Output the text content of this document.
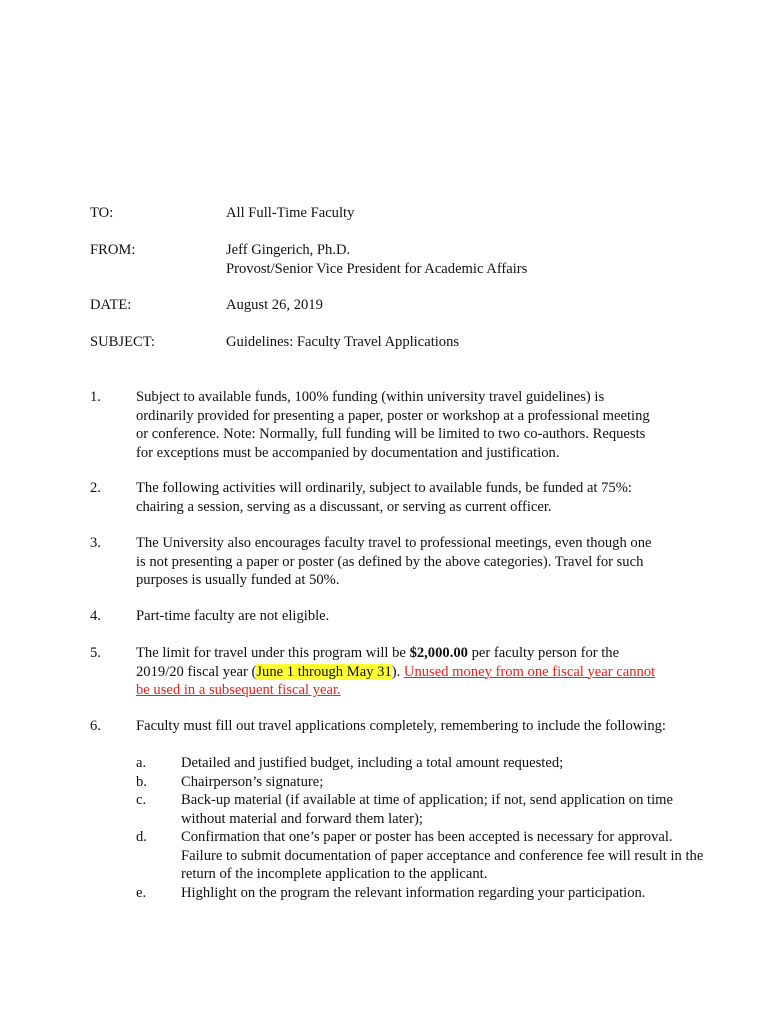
TO:	All Full-Time Faculty
FROM:	Jeff Gingerich, Ph.D.
Provost/Senior Vice President for Academic Affairs
DATE:	August 26, 2019
SUBJECT:	Guidelines: Faculty Travel Applications
1. Subject to available funds, 100% funding (within university travel guidelines) is
ordinarily provided for presenting a paper, poster or workshop at a professional meeting
or conference. Note: Normally, full funding will be limited to two co-authors. Requests
for exceptions must be accompanied by documentation and justification.
2. The following activities will ordinarily, subject to available funds, be funded at 75%:
chairing a session, serving as a discussant, or serving as current officer.
3. The University also encourages faculty travel to professional meetings, even though one
is not presenting a paper or poster (as defined by the above categories). Travel for such
purposes is usually funded at 50%.
4. Part-time faculty are not eligible.
5. The limit for travel under this program will be $2,000.00 per faculty person for the
2019/20 fiscal year (June 1 through May 31). Unused money from one fiscal year cannot
be used in a subsequent fiscal year.
6. Faculty must fill out travel applications completely, remembering to include the following:
a. Detailed and justified budget, including a total amount requested;
b. Chairperson’s signature;
c. Back-up material (if available at time of application; if not, send application on time
without material and forward them later);
d. Confirmation that one’s paper or poster has been accepted is necessary for approval.
Failure to submit documentation of paper acceptance and conference fee will result in the
return of the incomplete application to the applicant.
e. Highlight on the program the relevant information regarding your participation.
